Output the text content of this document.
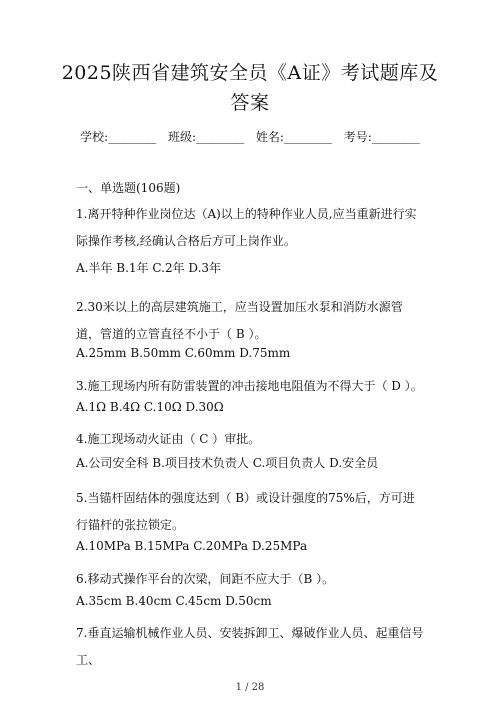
2025陕西省建筑安全员《A证》考试题库及答案
学校:________ 班级:________ 姓名:________ 考号:________
一、单选题(106题)

1.离开特种作业岗位达（A)以上的特种作业人员,应当重新进行实际操作考核,经确认合格后方可上岗作业。

A.半年 B.1年 C.2年 D.3年

2.30米以上的高层建筑施工，应当设置加压水泵和消防水源管道，管道的立管直径不小于（ B ）。

A.25mm B.50mm C.60mm D.75mm

3.施工现场内所有防雷装置的冲击接地电阻值为不得大于（ D ）。

A.1Ω B.4Ω C.10Ω D.30Ω

4.施工现场动火证由（ C ）审批。

A.公司安全科 B.项目技术负责人 C.项目负责人 D.安全员

5.当锚杆固结体的强度达到（ B）或设计强度的75%后，方可进行锚杆的张拉锁定。

A.10MPa B.15MPa C.20MPa D.25MPa

6.移动式操作平台的次梁，间距不应大于（B ）。

A.35cm B.40cm C.45cm D.50cm

7.垂直运输机械作业人员、安装拆卸工、爆破作业人员、起重信号工、

1 / 28
